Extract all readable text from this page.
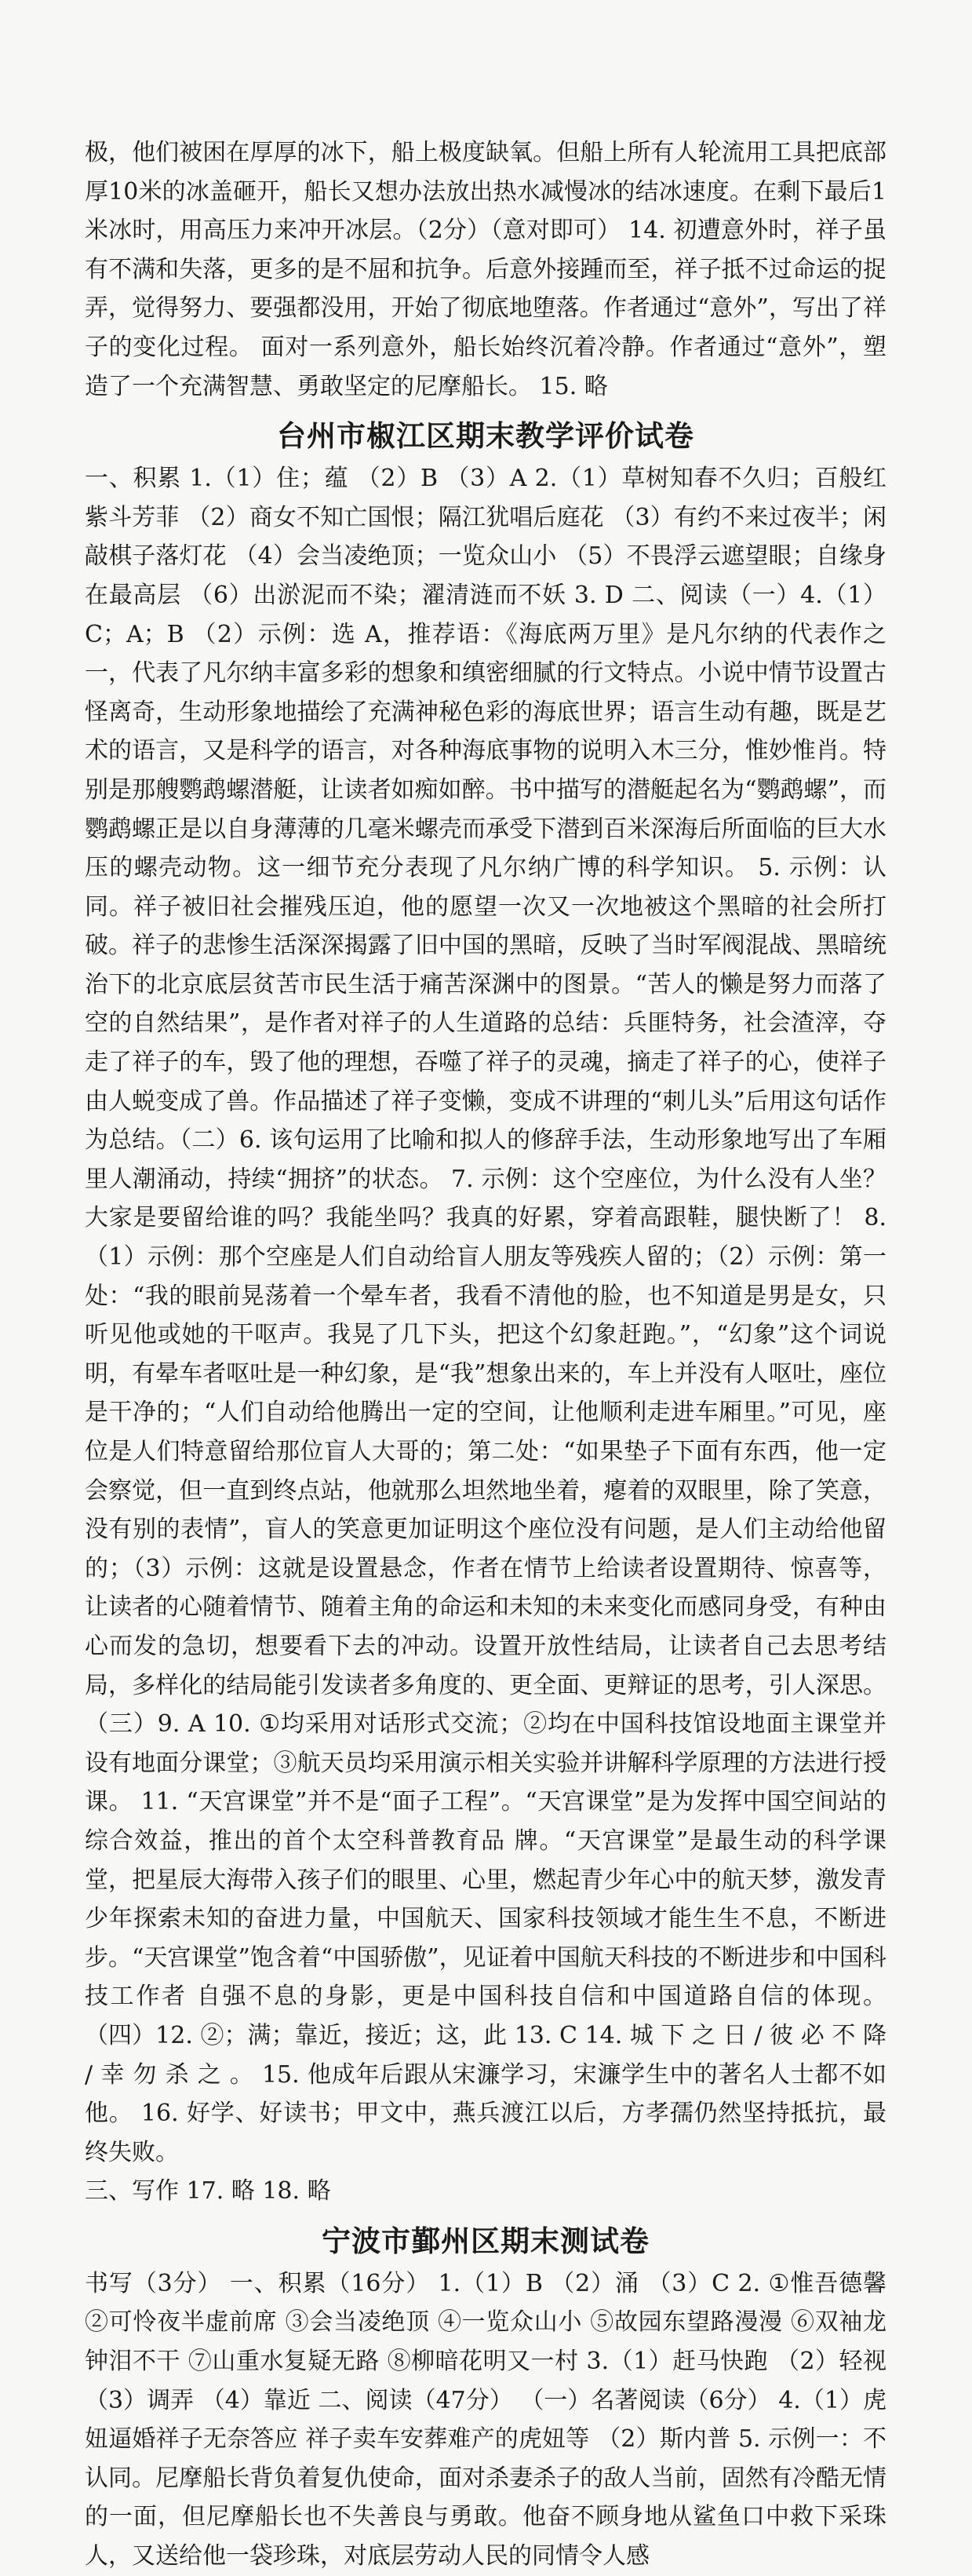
极，他们被困在厚厚的冰下，船上极度缺氧。但船上所有人轮流用工具把底部厚10米的冰盖砸开，船长又想办法放出热水减慢冰的结冰速度。在剩下最后1米冰时，用高压力来冲开冰层。（2分）（意对即可） 14. 初遭意外时，祥子虽有不满和失落，更多的是不屈和抗争。后意外接踵而至，祥子抵不过命运的捉弄，觉得努力、要强都没用，开始了彻底地堕落。作者通过“意外”，写出了祥子的变化过程。 面对一系列意外，船长始终沉着冷静。作者通过“意外”，塑造了一个充满智慧、勇敢坚定的尼摩船长。 15. 略

台州市椒江区期末教学评价试卷

一、积累 1.（1）住；蕴 （2）B （3）A 2.（1）草树知春不久归；百般红紫斗芳菲 （2）商女不知亡国恨；隔江犹唱后庭花 （3）有约不来过夜半；闲敲棋子落灯花 （4）会当凌绝顶；一览众山小 （5）不畏浮云遮望眼；自缘身在最高层 （6）出淤泥而不染；濯清涟而不妖 3. D 二、阅读（一）4.（1）C；A；B （2）示例：选 A，推荐语：《海底两万里》是凡尔纳的代表作之一，代表了凡尔纳丰富多彩的想象和缜密细腻的行文特点。小说中情节设置古怪离奇，生动形象地描绘了充满神秘色彩的海底世界；语言生动有趣，既是艺术的语言，又是科学的语言，对各种海底事物的说明入木三分，惟妙惟肖。特别是那艘鹦鹉螺潜艇，让读者如痴如醉。书中描写的潜艇起名为“鹦鹉螺”，而鹦鹉螺正是以自身薄薄的几毫米螺壳而承受下潜到百米深海后所面临的巨大水压的螺壳动物。这一细节充分表现了凡尔纳广博的科学知识。 5. 示例：认同。祥子被旧社会摧残压迫，他的愿望一次又一次地被这个黑暗的社会所打破。祥子的悲惨生活深深揭露了旧中国的黑暗，反映了当时军阀混战、黑暗统治下的北京底层贫苦市民生活于痛苦深渊中的图景。“苦人的懒是努力而落了空的自然结果”，是作者对祥子的人生道路的总结：兵匪特务，社会渣滓，夺走了祥子的车，毁了他的理想，吞噬了祥子的灵魂，摘走了祥子的心，使祥子由人蜕变成了兽。作品描述了祥子变懒，变成不讲理的“刺儿头”后用这句话作为总结。（二）6. 该句运用了比喻和拟人的修辞手法，生动形象地写出了车厢里人潮涌动，持续“拥挤”的状态。 7. 示例：这个空座位，为什么没有人坐？大家是要留给谁的吗？我能坐吗？我真的好累，穿着高跟鞋，腿快断了！ 8.（1）示例：那个空座是人们自动给盲人朋友等残疾人留的；（2）示例：第一处：“我的眼前晃荡着一个晕车者，我看不清他的脸，也不知道是男是女，只听见他或她的干呕声。我晃了几下头，把这个幻象赶跑。”，“幻象”这个词说明，有晕车者呕吐是一种幻象，是“我”想象出来的，车上并没有人呕吐，座位是干净的；“人们自动给他腾出一定的空间，让他顺利走进车厢里。”可见，座位是人们特意留给那位盲人大哥的；第二处：“如果垫子下面有东西，他一定会察觉，但一直到终点站，他就那么坦然地坐着，瘪着的双眼里，除了笑意，没有别的表情”，盲人的笑意更加证明这个座位没有问题，是人们主动给他留的；（3）示例：这就是设置悬念，作者在情节上给读者设置期待、惊喜等，让读者的心随着情节、随着主角的命运和未知的未来变化而感同身受，有种由心而发的急切，想要看下去的冲动。设置开放性结局，让读者自己去思考结局，多样化的结局能引发读者多角度的、更全面、更辩证的思考，引人深思。 （三）9. A 10. ①均采用对话形式交流；②均在中国科技馆设地面主课堂并设有地面分课堂；③航天员均采用演示相关实验并讲解科学原理的方法进行授课。 11. “天宫课堂”并不是“面子工程”。“天宫课堂”是为发挥中国空间站的综合效益，推出的首个太空科普教育品 牌。“天宫课堂”是最生动的科学课堂，把星辰大海带入孩子们的眼里、心里，燃起青少年心中的航天梦，激发青少年探索未知的奋进力量，中国航天、国家科技领域才能生生不息，不断进步。“天宫课堂”饱含着“中国骄傲”，见证着中国航天科技的不断进步和中国科技工作者 自强不息的身影，更是中国科技自信和中国道路自信的体现。 （四）12. ②；满；靠近，接近；这，此 13. C 14. 城 下 之 日 / 彼 必 不 降 / 幸 勿 杀 之 。 15. 他成年后跟从宋濂学习，宋濂学生中的著名人士都不如他。 16. 好学、好读书；甲文中，燕兵渡江以后，方孝孺仍然坚持抵抗，最终失败。

三、写作 17. 略 18. 略

宁波市鄞州区期末测试卷

书写（3分） 一、积累（16分） 1.（1）B （2）涌 （3）C 2. ①惟吾德馨 ②可怜夜半虚前席 ③会当凌绝顶 ④一览众山小 ⑤故园东望路漫漫 ⑥双袖龙钟泪不干 ⑦山重水复疑无路 ⑧柳暗花明又一村 3.（1）赶马快跑 （2）轻视 （3）调弄 （4）靠近 二、阅读（47分） （一）名著阅读（6分） 4.（1）虎妞逼婚祥子无奈答应 祥子卖车安葬难产的虎妞等 （2）斯内普 5. 示例一：不认同。尼摩船长背负着复仇使命，面对杀妻杀子的敌人当前，固然有冷酷无情的一面，但尼摩船长也不失善良与勇敢。他奋不顾身地从鲨鱼口中救下采珠人，又送给他一袋珍珠，对底层劳动人民的同情令人感
